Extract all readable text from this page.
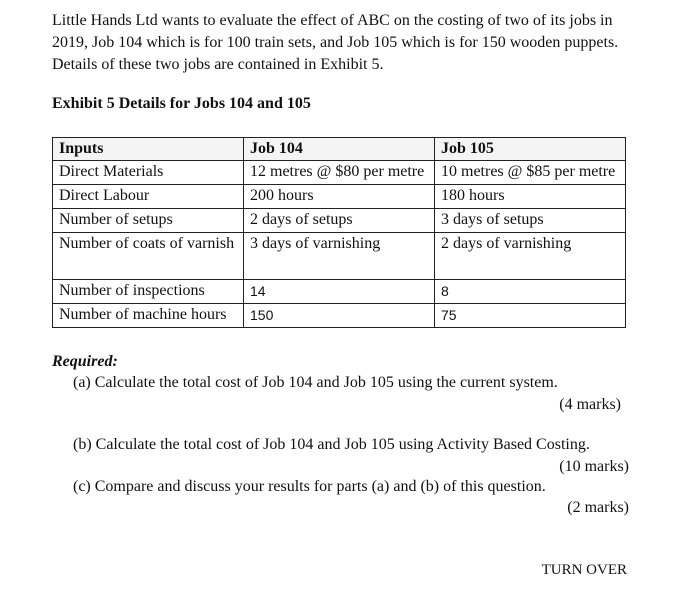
Little Hands Ltd wants to evaluate the effect of ABC on the costing of two of its jobs in 2019, Job 104 which is for 100 train sets, and Job 105 which is for 150 wooden puppets. Details of these two jobs are contained in Exhibit 5.

Exhibit 5 Details for Jobs 104 and 105

Inputs	Job 104	Job 105
Direct Materials	12 metres @ $80 per metre	10 metres @ $85 per metre
Direct Labour	200 hours	180 hours
Number of setups	2 days of setups	3 days of setups
Number of coats of varnish	3 days of varnishing	2 days of varnishing
Number of inspections	14	8
Number of machine hours	150	75

Required:

(a) Calculate the total cost of Job 104 and Job 105 using the current system.

(4 marks)

(b) Calculate the total cost of Job 104 and Job 105 using Activity Based Costing.

(10 marks)

(c) Compare and discuss your results for parts (a) and (b) of this question.

(2 marks)

TURN OVER
